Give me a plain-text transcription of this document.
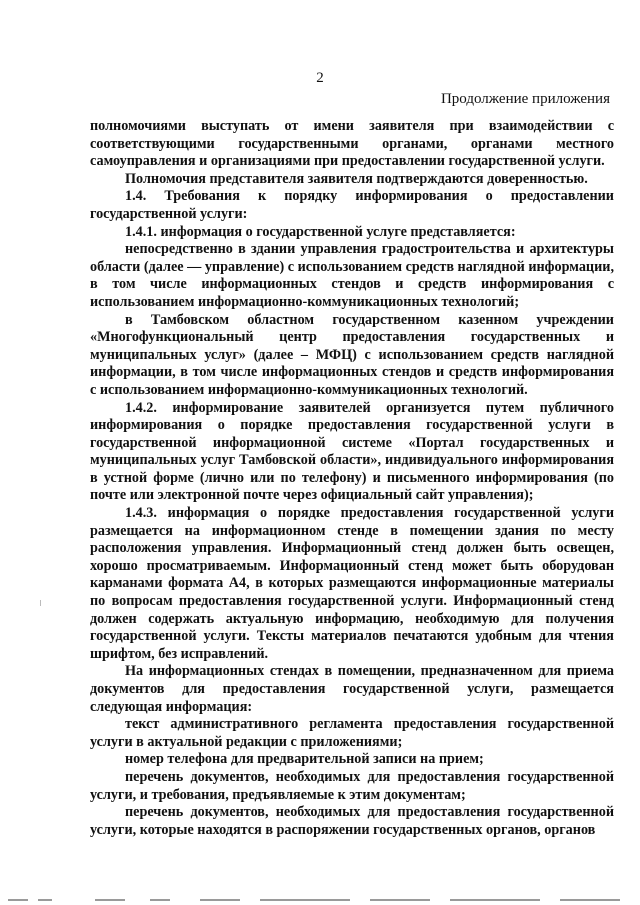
2
Продолжение приложения

полномочиями выступать от имени заявителя при взаимодействии с соответствующими государственными органами, органами местного самоуправления и организациями при предоставлении государственной услуги.

Полномочия представителя заявителя подтверждаются доверенностью.

1.4. Требования к порядку информирования о предоставлении государственной услуги:

1.4.1. информация о государственной услуге представляется:

непосредственно в здании управления градостроительства и архитектуры области (далее — управление) с использованием средств наглядной информации, в том числе информационных стендов и средств информирования с использованием информационно-коммуникационных технологий;

в Тамбовском областном государственном казенном учреждении «Многофункциональный центр предоставления государственных и муниципальных услуг» (далее – МФЦ) с использованием средств наглядной информации, в том числе информационных стендов и средств информирования с использованием информационно-коммуникационных технологий.

1.4.2. информирование заявителей организуется путем публичного информирования о порядке предоставления государственной услуги в государственной информационной системе «Портал государственных и муниципальных услуг Тамбовской области», индивидуального информирования в устной форме (лично или по телефону) и письменного информирования (по почте или электронной почте через официальный сайт управления);

1.4.3. информация о порядке предоставления государственной услуги размещается на информационном стенде в помещении здания по месту расположения управления. Информационный стенд должен быть освещен, хорошо просматриваемым. Информационный стенд может быть оборудован карманами формата А4, в которых размещаются информационные материалы по вопросам предоставления государственной услуги. Информационный стенд должен содержать актуальную информацию, необходимую для получения государственной услуги. Тексты материалов печатаются удобным для чтения шрифтом, без исправлений.

На информационных стендах в помещении, предназначенном для приема документов для предоставления государственной услуги, размещается следующая информация:

текст административного регламента предоставления государственной услуги в актуальной редакции с приложениями;

номер телефона для предварительной записи на прием;

перечень документов, необходимых для предоставления государственной услуги, и требования, предъявляемые к этим документам;

перечень документов, необходимых для предоставления государственной услуги, которые находятся в распоряжении государственных органов, органов
